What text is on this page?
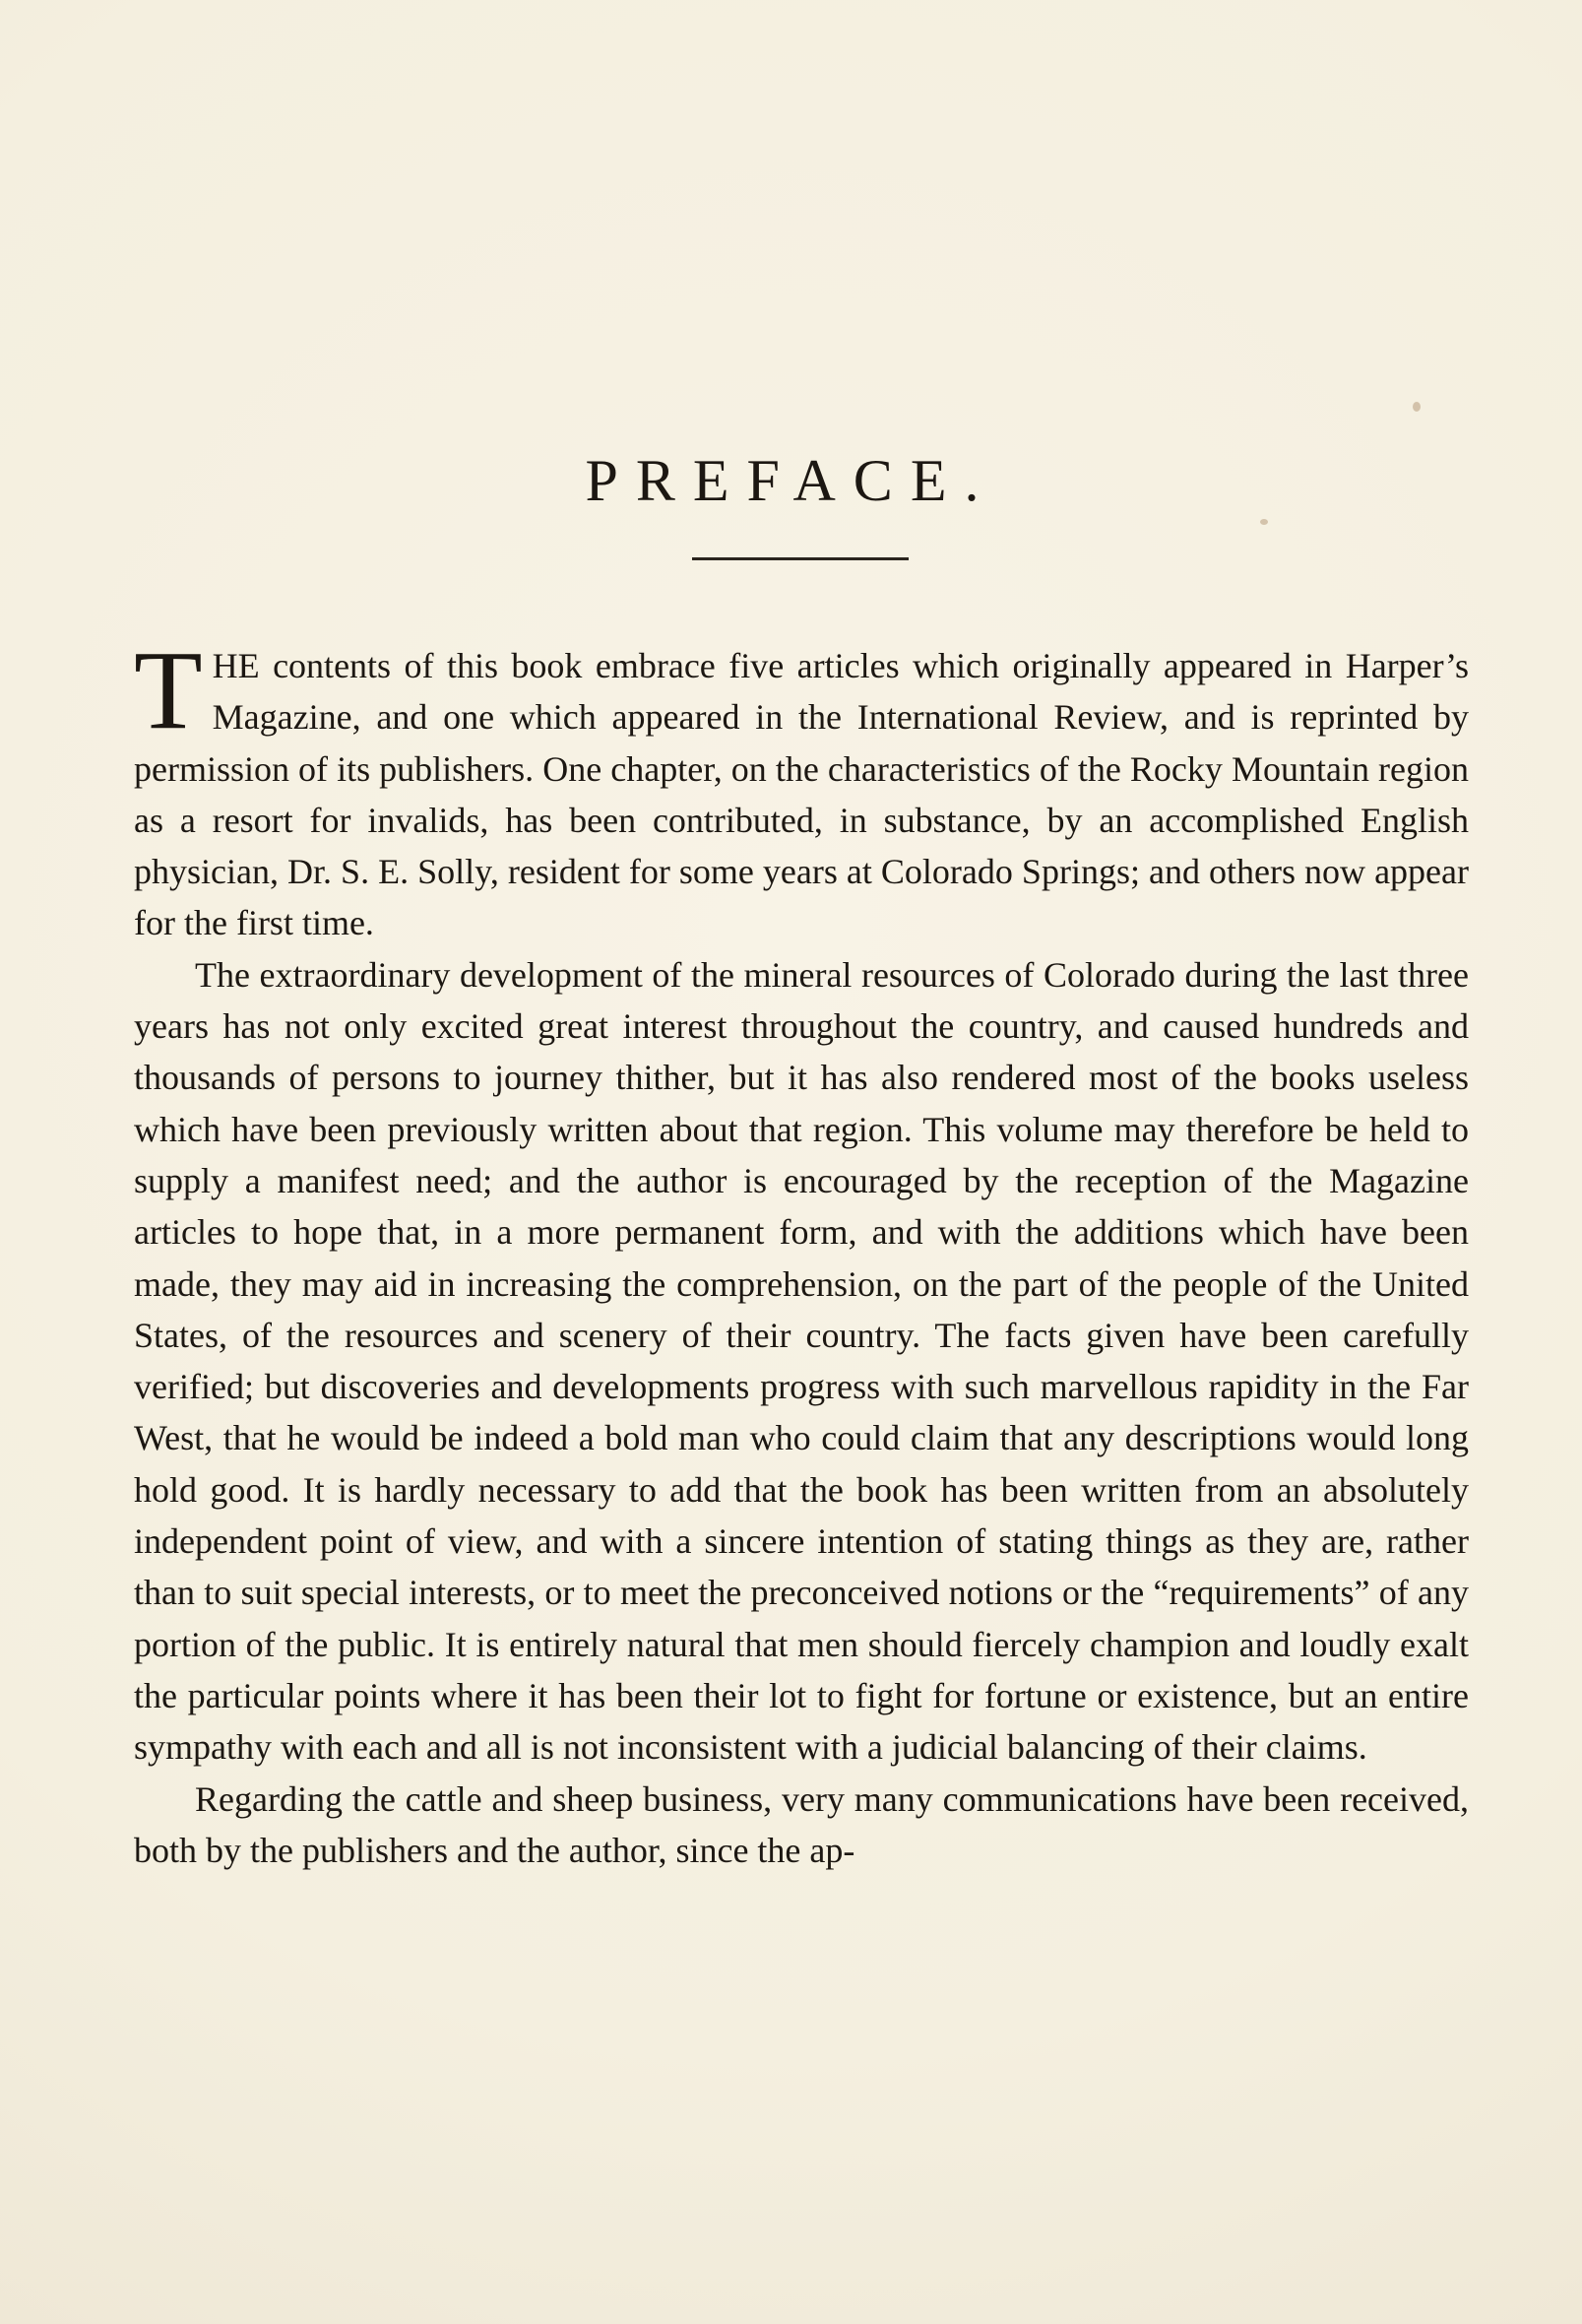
PREFACE.

THE contents of this book embrace five articles which originally appeared in Harper’s Magazine, and one which appeared in the International Review, and is reprinted by permission of its publishers. One chapter, on the characteristics of the Rocky Mountain region as a resort for invalids, has been contributed, in substance, by an accomplished English physician, Dr. S. E. Solly, resident for some years at Colorado Springs; and others now appear for the first time.

The extraordinary development of the mineral resources of Colorado during the last three years has not only excited great interest throughout the country, and caused hundreds and thousands of persons to journey thither, but it has also rendered most of the books useless which have been previously written about that region. This volume may therefore be held to supply a manifest need; and the author is encouraged by the reception of the Magazine articles to hope that, in a more permanent form, and with the additions which have been made, they may aid in increasing the comprehension, on the part of the people of the United States, of the resources and scenery of their country. The facts given have been carefully verified; but discoveries and developments progress with such marvellous rapidity in the Far West, that he would be indeed a bold man who could claim that any descriptions would long hold good. It is hardly necessary to add that the book has been written from an absolutely independent point of view, and with a sincere intention of stating things as they are, rather than to suit special interests, or to meet the preconceived notions or the “requirements” of any portion of the public. It is entirely natural that men should fiercely champion and loudly exalt the particular points where it has been their lot to fight for fortune or existence, but an entire sympathy with each and all is not inconsistent with a judicial balancing of their claims.

Regarding the cattle and sheep business, very many communications have been received, both by the publishers and the author, since the ap-
